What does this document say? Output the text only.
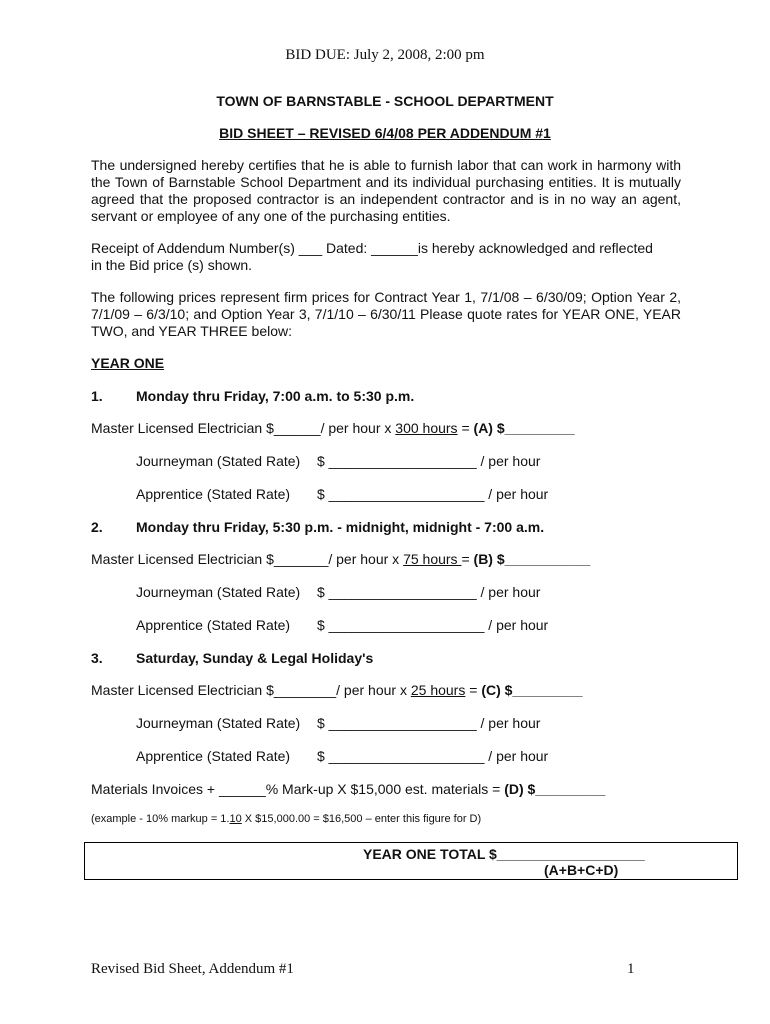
BID DUE: July 2, 2008, 2:00 pm
TOWN OF BARNSTABLE - SCHOOL DEPARTMENT
BID SHEET – REVISED 6/4/08 PER ADDENDUM #1
The undersigned hereby certifies that he is able to furnish labor that can work in harmony with the Town of Barnstable School Department and its individual purchasing entities. It is mutually agreed that the proposed contractor is an independent contractor and is in no way an agent, servant or employee of any one of the purchasing entities.
Receipt of Addendum Number(s) ___ Dated: ______is hereby acknowledged and reflected
in the Bid price (s) shown.
The following prices represent firm prices for Contract Year 1, 7/1/08 – 6/30/09; Option Year 2, 7/1/09 – 6/3/10; and Option Year 3, 7/1/10 – 6/30/11 Please quote rates for YEAR ONE, YEAR TWO, and YEAR THREE below:
YEAR ONE
1. Monday thru Friday, 7:00 a.m. to 5:30 p.m.
Master Licensed Electrician $______/ per hour x 300 hours = (A) $_________
Journeyman (Stated Rate) $ ___________________ / per hour
Apprentice (Stated Rate) $ ____________________ / per hour
2. Monday thru Friday, 5:30 p.m. - midnight, midnight - 7:00 a.m.
Master Licensed Electrician $_______/ per hour x 75 hours = (B) $___________
Journeyman (Stated Rate) $ ___________________ / per hour
Apprentice (Stated Rate) $ ____________________ / per hour
3. Saturday, Sunday & Legal Holiday's
Master Licensed Electrician $________/ per hour x 25 hours = (C) $_________
Journeyman (Stated Rate) $ ___________________ / per hour
Apprentice (Stated Rate) $ ____________________ / per hour
Materials Invoices + ______% Mark-up X $15,000 est. materials = (D) $_________
(example - 10% markup = 1.10 X $15,000.00 = $16,500 – enter this figure for D)
YEAR ONE TOTAL $___________________
(A+B+C+D)
Revised Bid Sheet, Addendum #1	1
